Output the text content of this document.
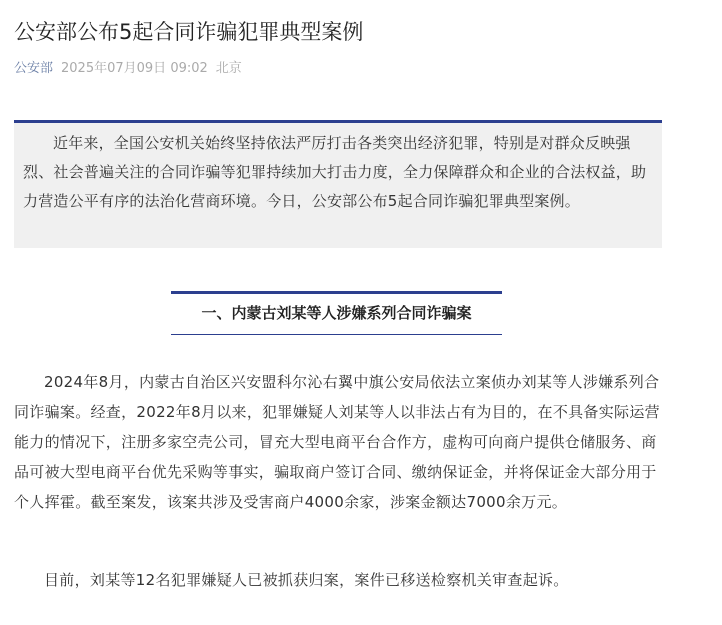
公安部公布5起合同诈骗犯罪典型案例
公安部 2025年07月09日 09:02 北京
近年来，全国公安机关始终坚持依法严厉打击各类突出经济犯罪，特别是对群众反映强烈、社会普遍关注的合同诈骗等犯罪持续加大打击力度，全力保障群众和企业的合法权益，助力营造公平有序的法治化营商环境。今日，公安部公布5起合同诈骗犯罪典型案例。
一、内蒙古刘某等人涉嫌系列合同诈骗案

2024年8月，内蒙古自治区兴安盟科尔沁右翼中旗公安局依法立案侦办刘某等人涉嫌系列合同诈骗案。经查，2022年8月以来，犯罪嫌疑人刘某等人以非法占有为目的，在不具备实际运营能力的情况下，注册多家空壳公司，冒充大型电商平台合作方，虚构可向商户提供仓储服务、商品可被大型电商平台优先采购等事实，骗取商户签订合同、缴纳保证金，并将保证金大部分用于个人挥霍。截至案发，该案共涉及受害商户4000余家，涉案金额达7000余万元。

目前，刘某等12名犯罪嫌疑人已被抓获归案，案件已移送检察机关审查起诉。
